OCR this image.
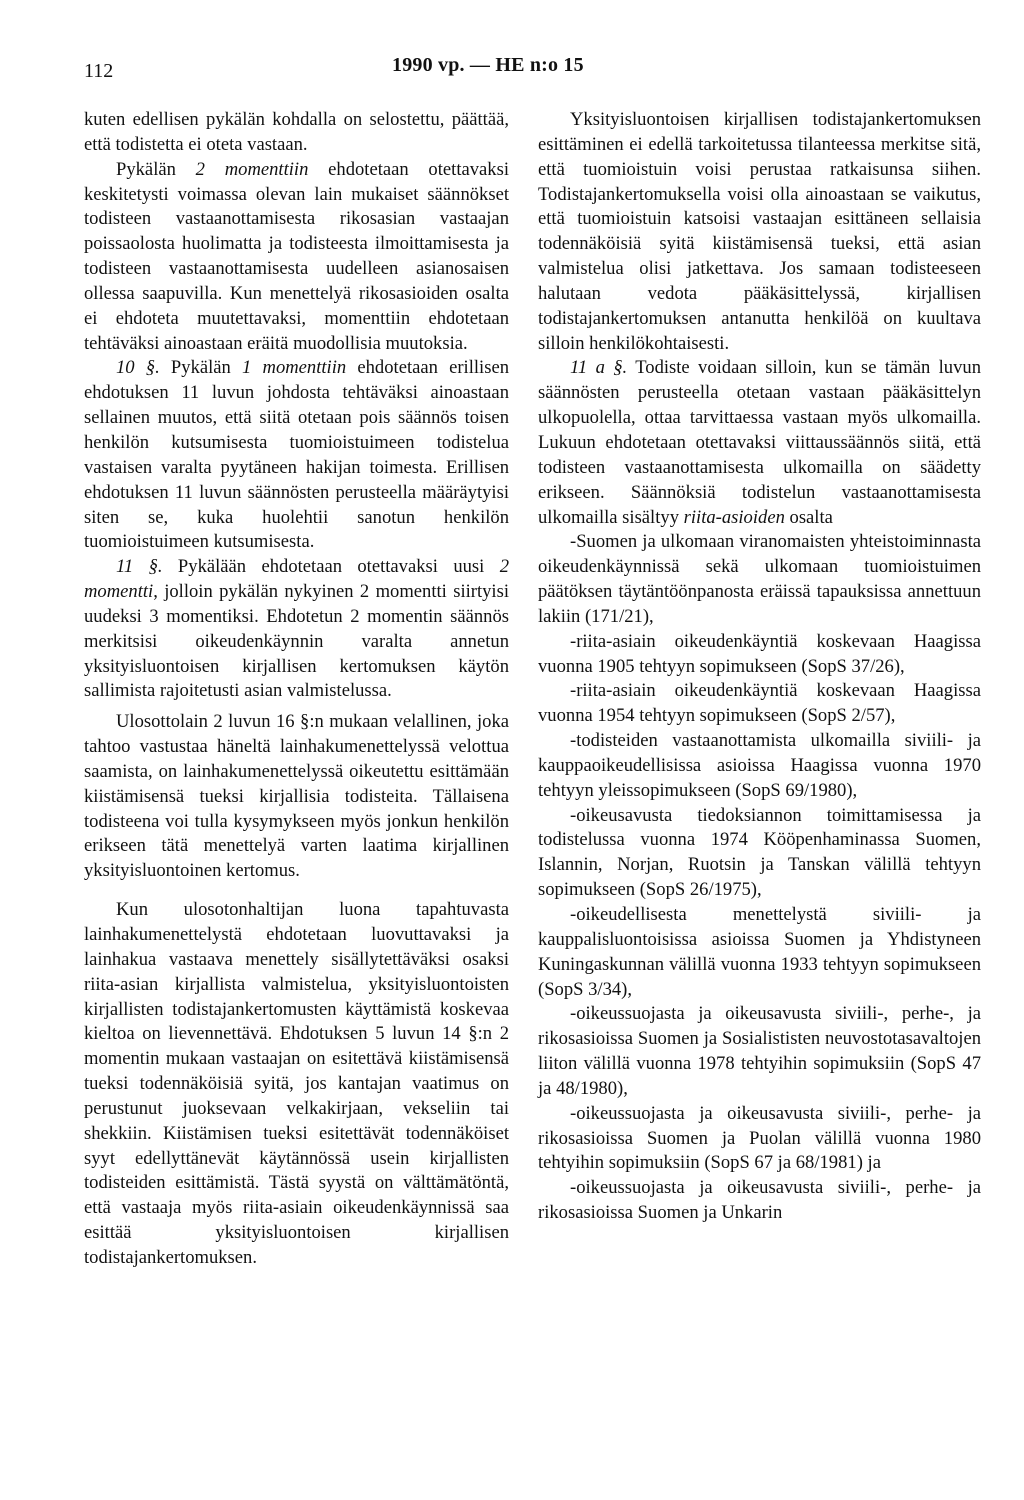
112	1990 vp. — HE n:o 15

kuten edellisen pykälän kohdalla on selostettu, päättää, että todistetta ei oteta vastaan.

Pykälän 2 momenttiin ehdotetaan otettavaksi keskitetysti voimassa olevan lain mukaiset säännökset todisteen vastaanottamisesta rikosasian vastaajan poissaolosta huolimatta ja todisteesta ilmoittamisesta ja todisteen vastaanottamisesta uudelleen asianosaisen ollessa saapuvilla. Kun menettelyä rikosasioiden osalta ei ehdoteta muutettavaksi, momenttiin ehdotetaan tehtäväksi ainoastaan eräitä muodollisia muutoksia.

10 §. Pykälän 1 momenttiin ehdotetaan erillisen ehdotuksen 11 luvun johdosta tehtäväksi ainoastaan sellainen muutos, että siitä otetaan pois säännös toisen henkilön kutsumisesta tuomioistuimeen todistelua vastaisen varalta pyytäneen hakijan toimesta. Erillisen ehdotuksen 11 luvun säännösten perusteella määräytyisi siten se, kuka huolehtii sanotun henkilön tuomioistuimeen kutsumisesta.

11 §. Pykälään ehdotetaan otettavaksi uusi 2 momentti, jolloin pykälän nykyinen 2 momentti siirtyisi uudeksi 3 momentiksi. Ehdotetun 2 momentin säännös merkitsisi oikeudenkäynnin varalta annetun yksityisluontoisen kirjallisen kertomuksen käytön sallimista rajoitetusti asian valmistelussa.

Ulosottolain 2 luvun 16 §:n mukaan velallinen, joka tahtoo vastustaa häneltä lainhakumenettelyssä velottua saamista, on lainhakumenettelyssä oikeutettu esittämään kiistämisensä tueksi kirjallisia todisteita. Tällaisena todisteena voi tulla kysymykseen myös jonkun henkilön erikseen tätä menettelyä varten laatima kirjallinen yksityisluontoinen kertomus.

Kun ulosotonhaltijan luona tapahtuvasta lainhakumenettelystä ehdotetaan luovuttavaksi ja lainhakua vastaava menettely sisällytettäväksi osaksi riita-asian kirjallista valmistelua, yksityisluontoisten kirjallisten todistajankertomusten käyttämistä koskevaa kieltoa on lievennettävä. Ehdotuksen 5 luvun 14 §:n 2 momentin mukaan vastaajan on esitettävä kiistämisensä tueksi todennäköisiä syitä, jos kantajan vaatimus on perustunut juoksevaan velkakirjaan, vekseliin tai shekkiin. Kiistämisen tueksi esitettävät todennäköiset syyt edellyttänevät käytännössä usein kirjallisten todisteiden esittämistä. Tästä syystä on välttämätöntä, että vastaaja myös riita-asiain oikeudenkäynnissä saa esittää yksityisluontoisen kirjallisen todistajankertomuksen.

Yksityisluontoisen kirjallisen todistajankertomuksen esittäminen ei edellä tarkoitetussa tilanteessa merkitse sitä, että tuomioistuin voisi perustaa ratkaisunsa siihen. Todistajankertomuksella voisi olla ainoastaan se vaikutus, että tuomioistuin katsoisi vastaajan esittäneen sellaisia todennäköisiä syitä kiistämisensä tueksi, että asian valmistelua olisi jatkettava. Jos samaan todisteeseen halutaan vedota pääkäsittelyssä, kirjallisen todistajankertomuksen antanutta henkilöä on kuultava silloin henkilökohtaisesti.

11 a §. Todiste voidaan silloin, kun se tämän luvun säännösten perusteella otetaan vastaan pääkäsittelyn ulkopuolella, ottaa tarvittaessa vastaan myös ulkomailla. Lukuun ehdotetaan otettavaksi viittaussäännös siitä, että todisteen vastaanottamisesta ulkomailla on säädetty erikseen. Säännöksiä todistelun vastaanottamisesta ulkomailla sisältyy riita-asioiden osalta

-Suomen ja ulkomaan viranomaisten yhteistoiminnasta oikeudenkäynnissä sekä ulkomaan tuomioistuimen päätöksen täytäntöönpanosta eräissä tapauksissa annettuun lakiin (171/21),

-riita-asiain oikeudenkäyntiä koskevaan Haagissa vuonna 1905 tehtyyn sopimukseen (SopS 37/26),

-riita-asiain oikeudenkäyntiä koskevaan Haagissa vuonna 1954 tehtyyn sopimukseen (SopS 2/57),

-todisteiden vastaanottamista ulkomailla siviili- ja kauppaoikeudellisissa asioissa Haagissa vuonna 1970 tehtyyn yleissopimukseen (SopS 69/1980),

-oikeusavusta tiedoksiannon toimittamisessa ja todistelussa vuonna 1974 Kööpenhaminassa Suomen, Islannin, Norjan, Ruotsin ja Tanskan välillä tehtyyn sopimukseen (SopS 26/1975),

-oikeudellisesta menettelystä siviili- ja kauppalisluontoisissa asioissa Suomen ja Yhdistyneen Kuningaskunnan välillä vuonna 1933 tehtyyn sopimukseen (SopS 3/34),

-oikeussuojasta ja oikeusavusta siviili-, perhe-, ja rikosasioissa Suomen ja Sosialististen neuvostotasavaltojen liiton välillä vuonna 1978 tehtyihin sopimuksiin (SopS 47 ja 48/1980),

-oikeussuojasta ja oikeusavusta siviili-, perhe- ja rikosasioissa Suomen ja Puolan välillä vuonna 1980 tehtyihin sopimuksiin (SopS 67 ja 68/1981) ja

-oikeussuojasta ja oikeusavusta siviili-, perhe- ja rikosasioissa Suomen ja Unkarin
